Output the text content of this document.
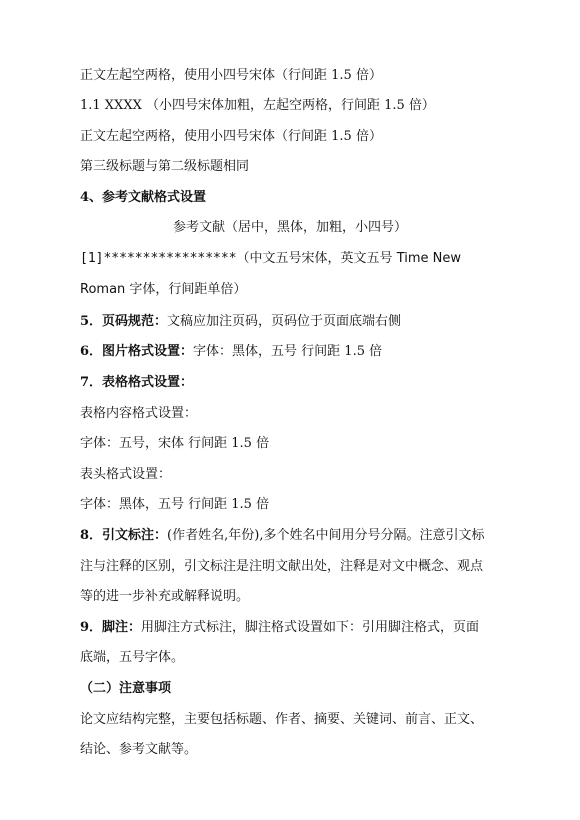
正文左起空两格，使用小四号宋体（行间距 1.5 倍）
1.1 XXXX （小四号宋体加粗，左起空两格，行间距 1.5 倍）
正文左起空两格，使用小四号宋体（行间距 1.5 倍）
第三级标题与第二级标题相同
4、参考文献格式设置
参考文献（居中，黑体，加粗，小四号）
[1]*****************（中文五号宋体，英文五号 Time New
Roman 字体，行间距单倍）
5．页码规范：文稿应加注页码，页码位于页面底端右侧
6．图片格式设置：字体：黑体，五号 行间距 1.5 倍
7．表格格式设置：
表格内容格式设置：
字体：五号，宋体 行间距 1.5 倍
表头格式设置：
字体：黑体，五号 行间距 1.5 倍
8．引文标注：(作者姓名,年份),多个姓名中间用分号分隔。注意引文标
注与注释的区别，引文标注是注明文献出处，注释是对文中概念、观点
等的进一步补充或解释说明。
9．脚注：用脚注方式标注，脚注格式设置如下：引用脚注格式，页面
底端，五号字体。
（二）注意事项
论文应结构完整，主要包括标题、作者、摘要、关键词、前言、正文、
结论、参考文献等。
